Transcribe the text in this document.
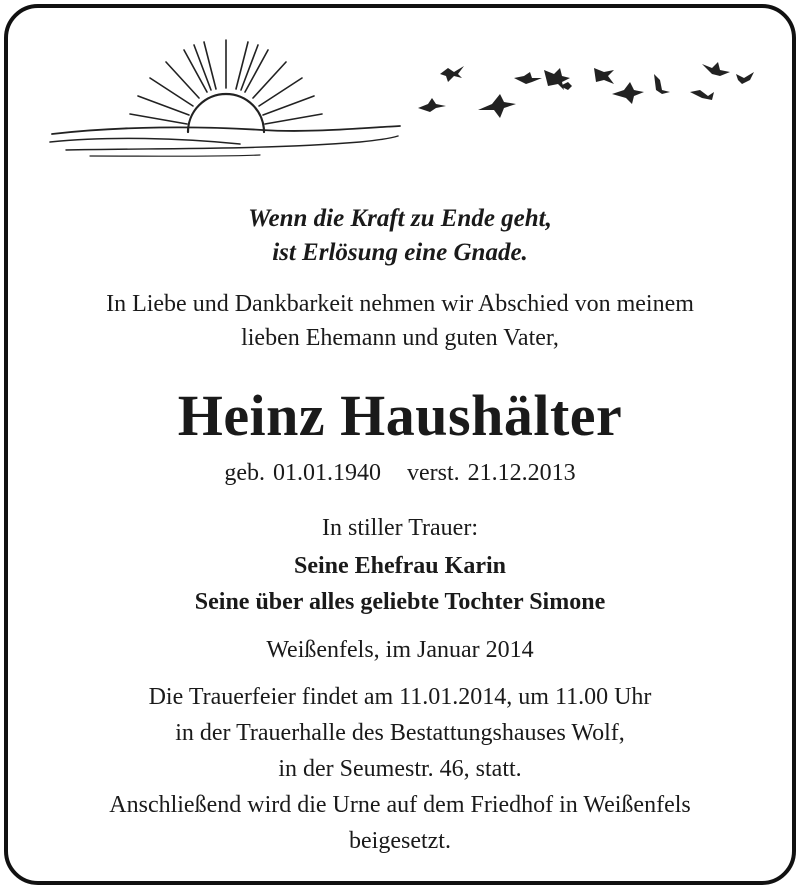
Wenn die Kraft zu Ende geht,
ist Erlösung eine Gnade.
In Liebe und Dankbarkeit nehmen wir Abschied von meinem
lieben Ehemann und guten Vater,
Heinz Haushälter
geb. 01.01.1940 verst. 21.12.2013
In stiller Trauer:
Seine Ehefrau Karin
Seine über alles geliebte Tochter Simone
Weißenfels, im Januar 2014
Die Trauerfeier findet am 11.01.2014, um 11.00 Uhr
in der Trauerhalle des Bestattungshauses Wolf,
in der Seumestr. 46, statt.
Anschließend wird die Urne auf dem Friedhof in Weißenfels
beigesetzt.
